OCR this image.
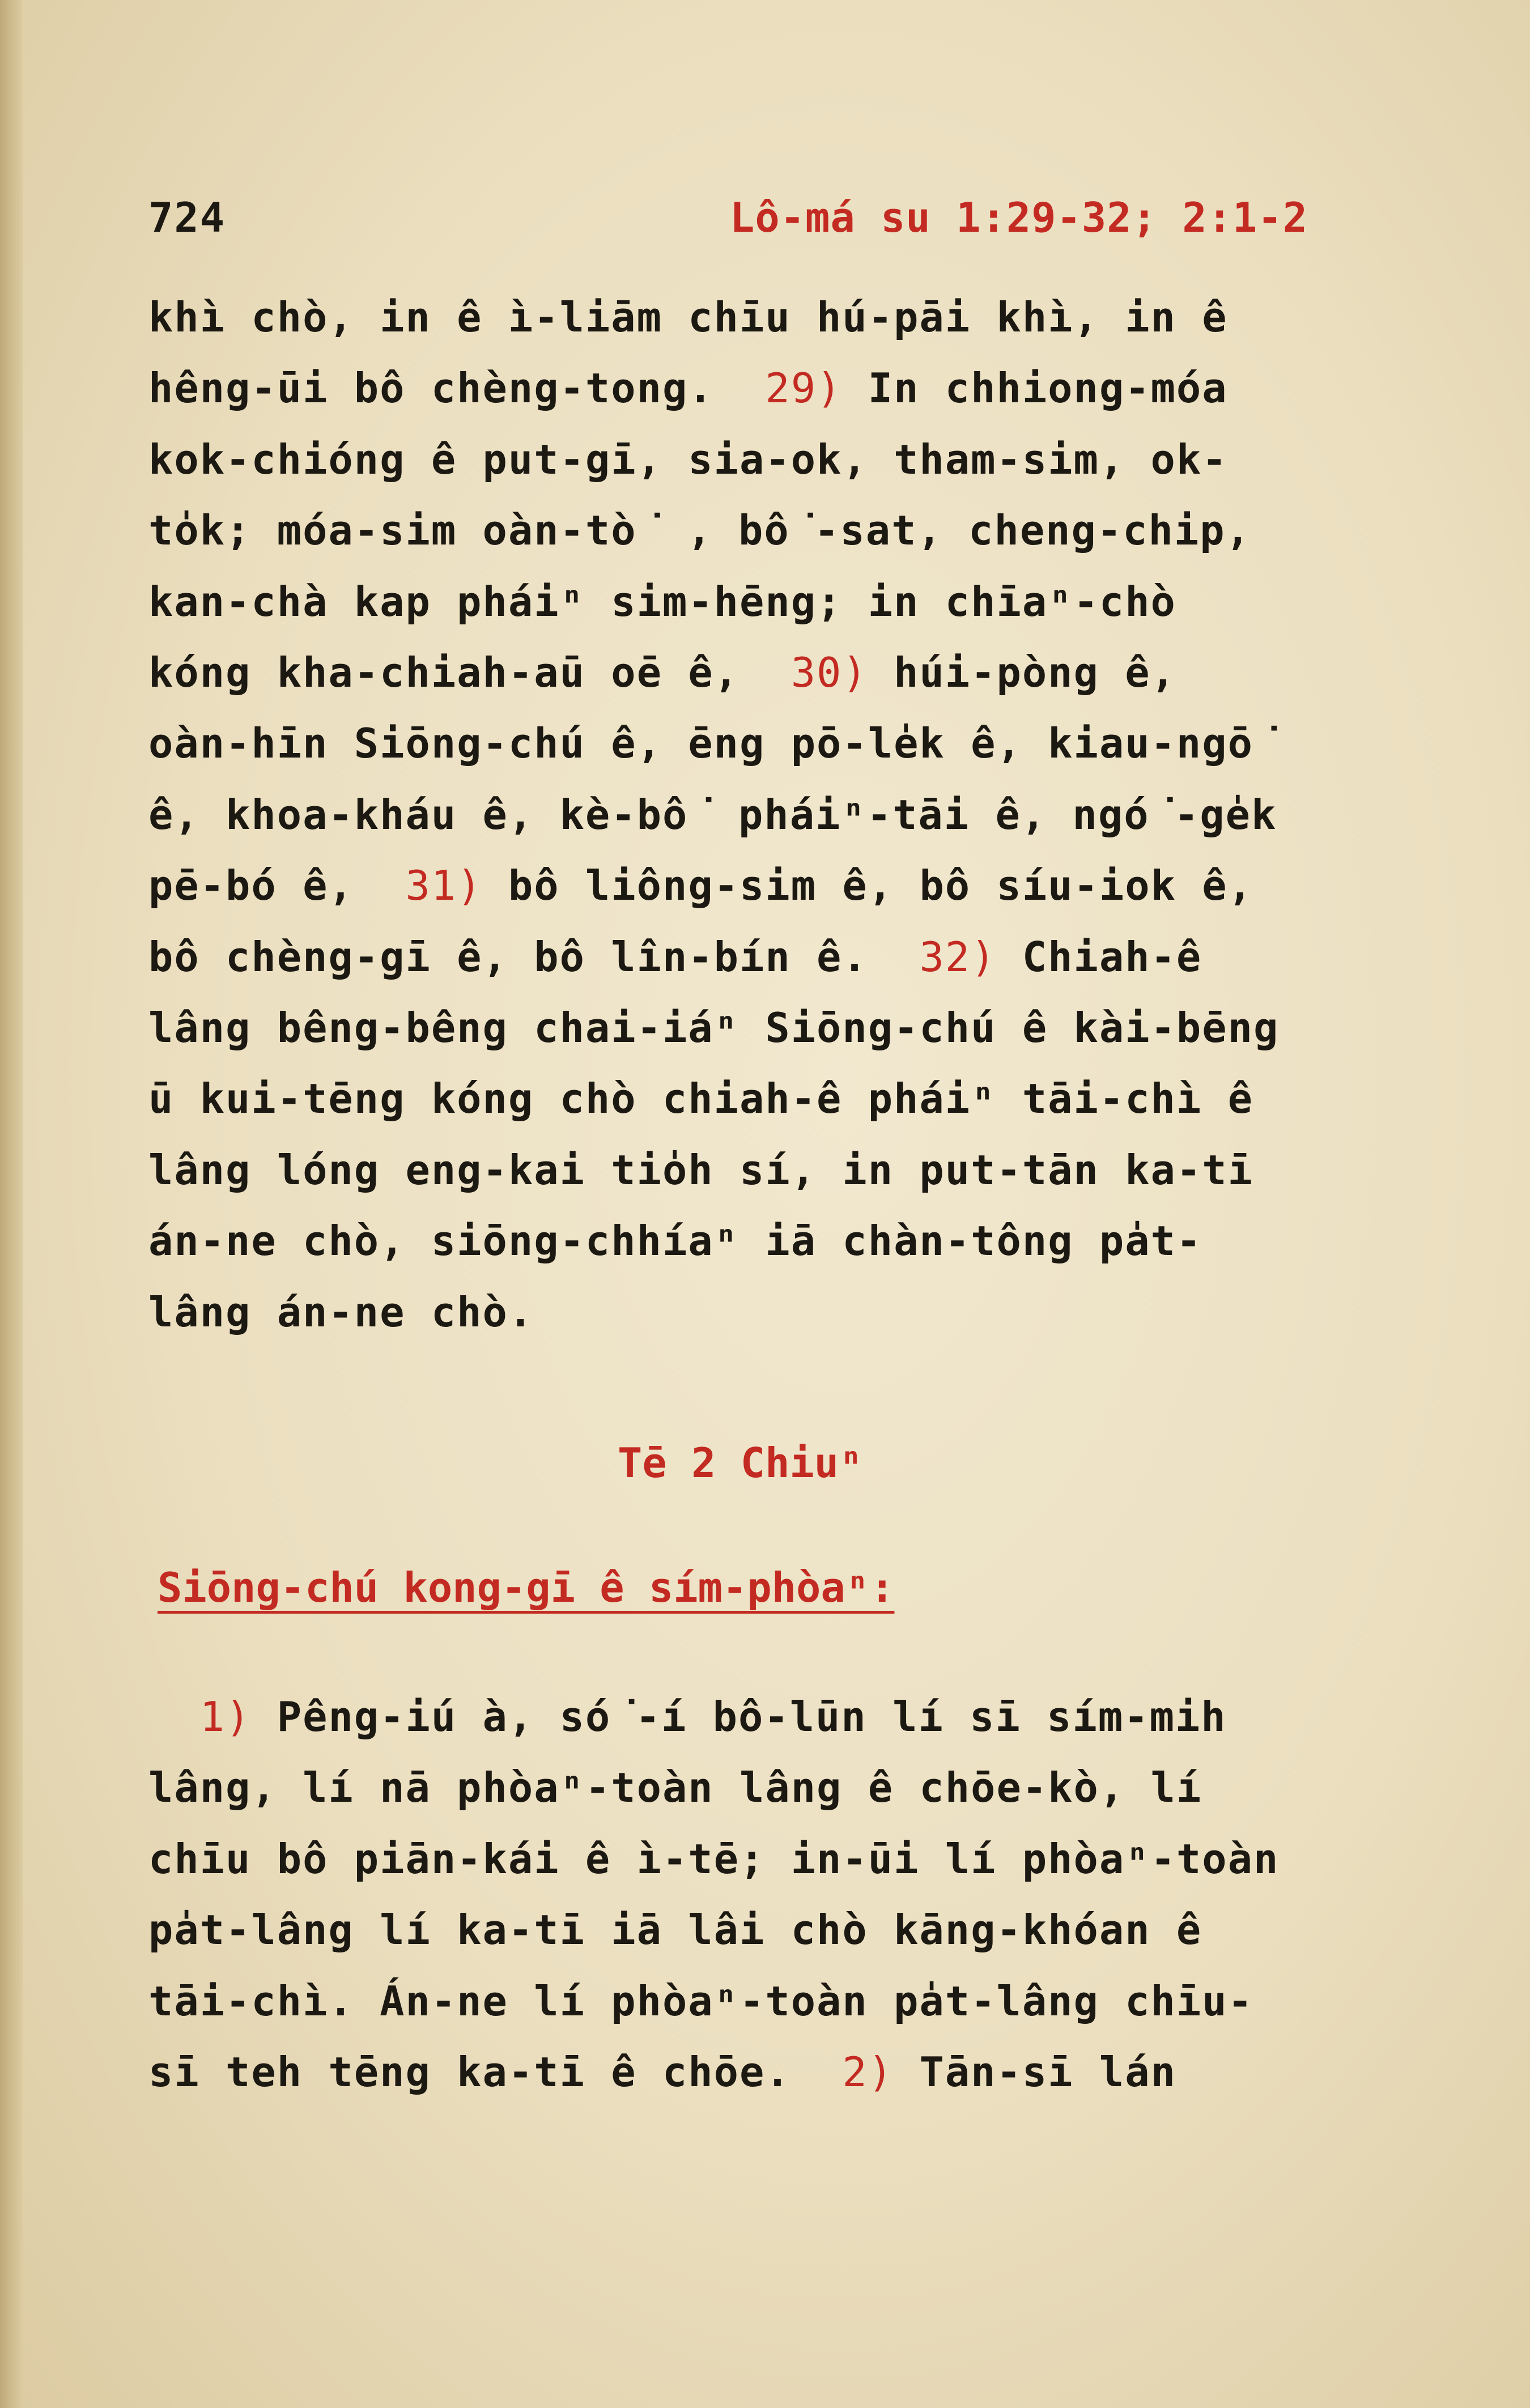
724	Lô-má su 1:29-32; 2:1-2
khì chò, in ê ì-liām chīu hú-pāi khì, in ê
hêng-ūi bô chèng-tong.  29) In chhiong-móa
kok-chióng ê put-gī, sia-ok, tham-sim, ok-
to̍k; móa-sim oàn-tò͘ , bô͘-sat, cheng-chip,
kan-chà kap pháiⁿ sim-hēng; in chīaⁿ-chò
kóng kha-chiah-aū oē ê,  30) húi-pòng ê,
oàn-hīn Siōng-chú ê, ēng pō-le̍k ê, kiau-ngō͘
ê, khoa-kháu ê, kè-bô͘ pháiⁿ-tāi ê, ngó͘-ge̍k
pē-bó ê,  31) bô liông-sim ê, bô síu-iok ê,
bô chèng-gī ê, bô lîn-bín ê.  32) Chiah-ê
lâng bêng-bêng chai-iáⁿ Siōng-chú ê kài-bēng
ū kui-tēng kóng chò chiah-ê pháiⁿ tāi-chì ê
lâng lóng eng-kai tio̍h sí, in put-tān ka-tī
án-ne chò, siōng-chhíaⁿ iā chàn-tông pa̍t-
lâng án-ne chò.
Tē 2 Chiuⁿ
Siōng-chú kong-gī ê sím-phòaⁿ:
1) Pêng-iú à, só͘-í bô-lūn lí sī sím-mih
lâng, lí nā phòaⁿ-toàn lâng ê chōe-kò, lí
chīu bô piān-kái ê ì-tē; in-ūi lí phòaⁿ-toàn
pa̍t-lâng lí ka-tī iā lâi chò kāng-khóan ê
tāi-chì. Án-ne lí phòaⁿ-toàn pa̍t-lâng chīu-
sī teh tēng ka-tī ê chōe.  2) Tān-sī lán
